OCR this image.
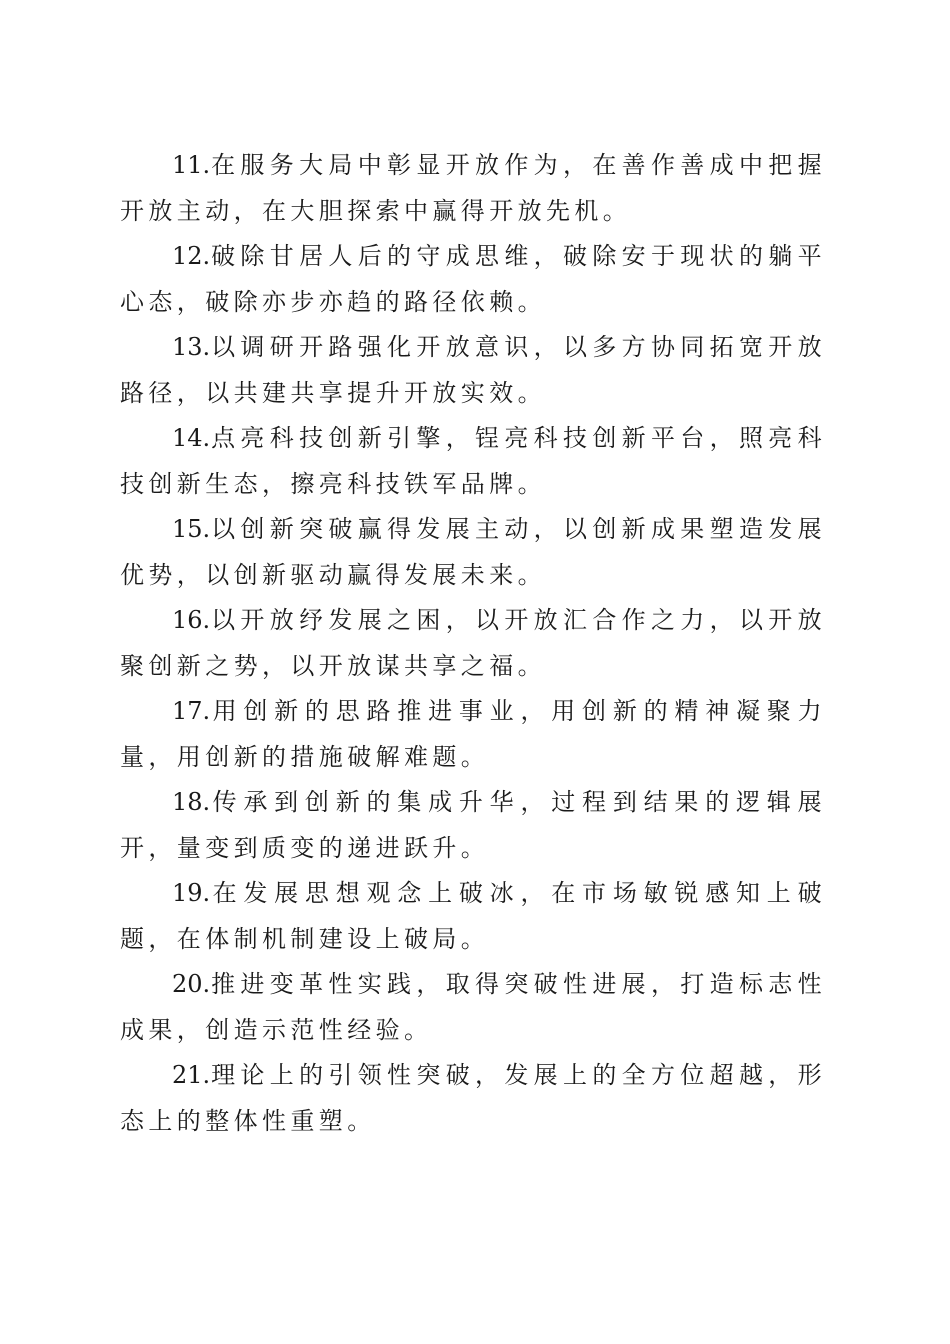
11.在服务大局中彰显开放作为，在善作善成中把握开放主动，在大胆探索中赢得开放先机。

12.破除甘居人后的守成思维，破除安于现状的躺平心态，破除亦步亦趋的路径依赖。

13.以调研开路强化开放意识，以多方协同拓宽开放路径，以共建共享提升开放实效。

14.点亮科技创新引擎，锃亮科技创新平台，照亮科技创新生态，擦亮科技铁军品牌。

15.以创新突破赢得发展主动，以创新成果塑造发展优势，以创新驱动赢得发展未来。

16.以开放纾发展之困，以开放汇合作之力，以开放聚创新之势，以开放谋共享之福。

17.用创新的思路推进事业，用创新的精神凝聚力量，用创新的措施破解难题。

18.传承到创新的集成升华，过程到结果的逻辑展开，量变到质变的递进跃升。

19.在发展思想观念上破冰，在市场敏锐感知上破题，在体制机制建设上破局。

20.推进变革性实践，取得突破性进展，打造标志性成果，创造示范性经验。

21.理论上的引领性突破，发展上的全方位超越，形态上的整体性重塑。
